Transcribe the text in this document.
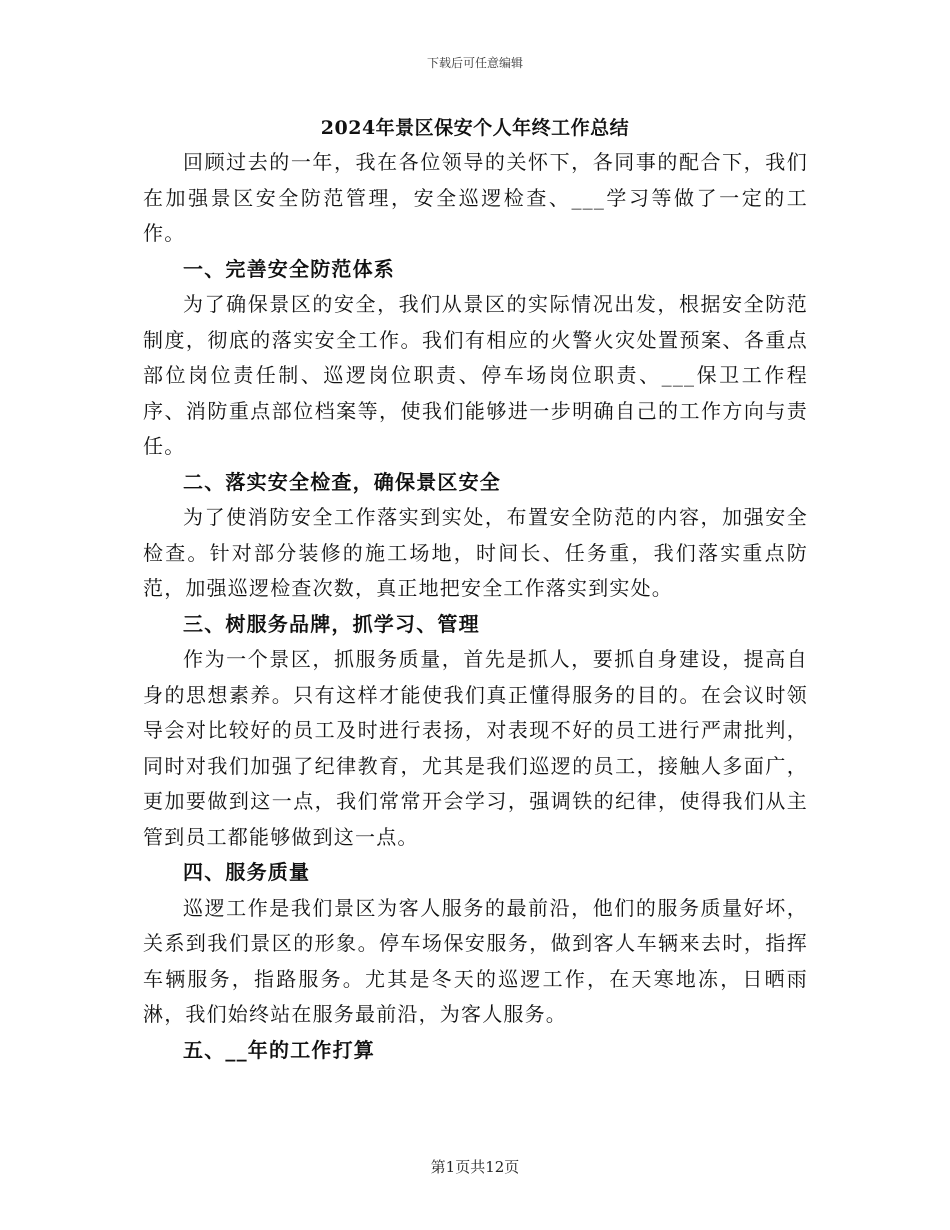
下载后可任意编辑
2024年景区保安个人年终工作总结

回顾过去的一年，我在各位领导的关怀下，各同事的配合下，我们在加强景区安全防范管理，安全巡逻检查、___学习等做了一定的工作。

一、完善安全防范体系

为了确保景区的安全，我们从景区的实际情况出发，根据安全防范制度，彻底的落实安全工作。我们有相应的火警火灾处置预案、各重点部位岗位责任制、巡逻岗位职责、停车场岗位职责、___保卫工作程序、消防重点部位档案等，使我们能够进一步明确自己的工作方向与责任。

二、落实安全检查，确保景区安全

为了使消防安全工作落实到实处，布置安全防范的内容，加强安全检查。针对部分装修的施工场地，时间长、任务重，我们落实重点防范，加强巡逻检查次数，真正地把安全工作落实到实处。

三、树服务品牌，抓学习、管理

作为一个景区，抓服务质量，首先是抓人，要抓自身建设，提高自身的思想素养。只有这样才能使我们真正懂得服务的目的。在会议时领导会对比较好的员工及时进行表扬，对表现不好的员工进行严肃批判，同时对我们加强了纪律教育，尤其是我们巡逻的员工，接触人多面广，更加要做到这一点，我们常常开会学习，强调铁的纪律，使得我们从主管到员工都能够做到这一点。

四、服务质量

巡逻工作是我们景区为客人服务的最前沿，他们的服务质量好坏，关系到我们景区的形象。停车场保安服务，做到客人车辆来去时，指挥车辆服务，指路服务。尤其是冬天的巡逻工作，在天寒地冻，日晒雨淋，我们始终站在服务最前沿，为客人服务。

五、__年的工作打算

第1页共12页
